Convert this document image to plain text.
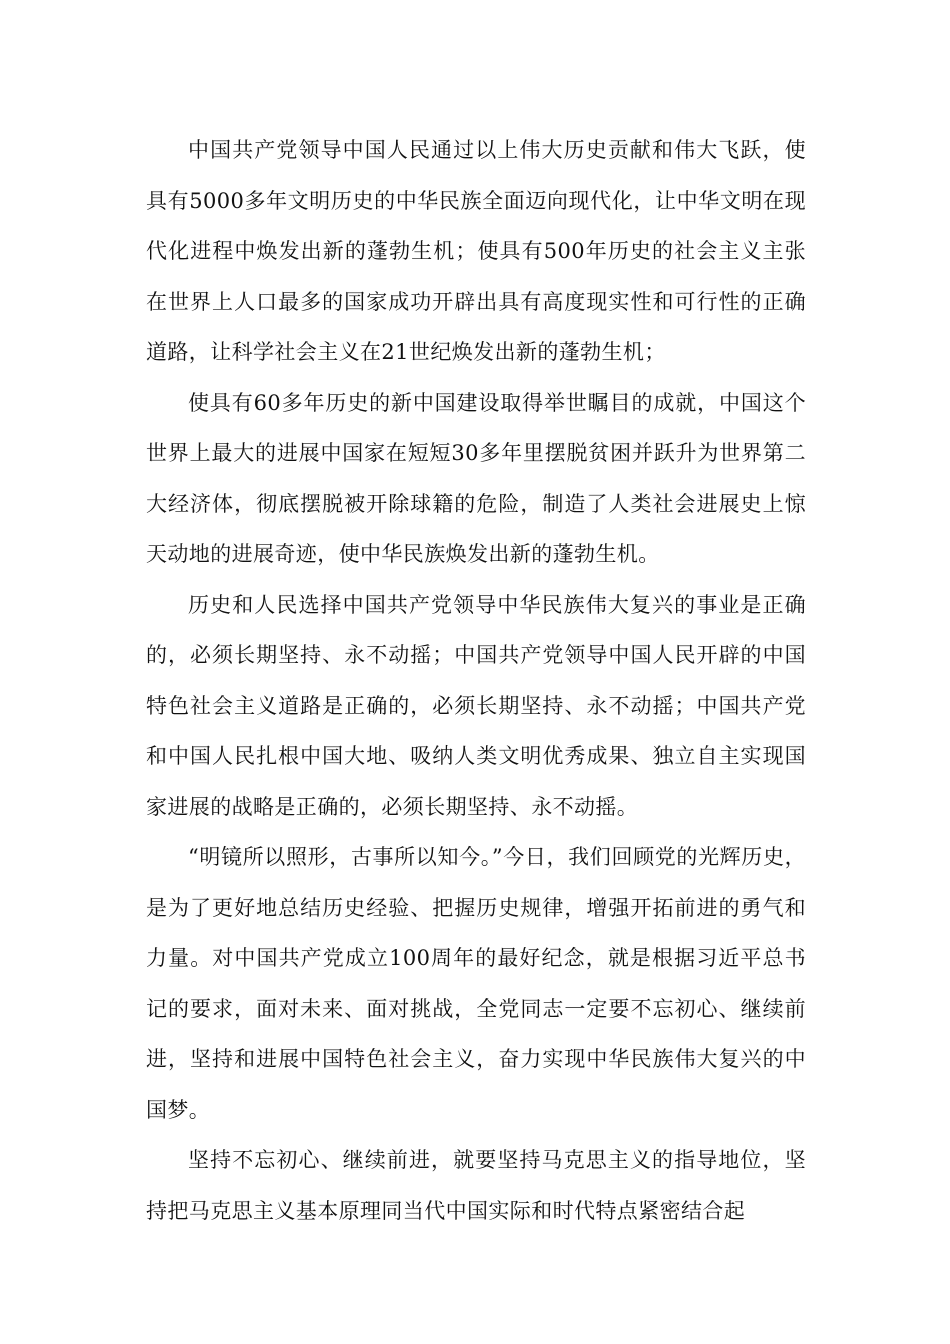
中国共产党领导中国人民通过以上伟大历史贡献和伟大飞跃，使具有5000多年文明历史的中华民族全面迈向现代化，让中华文明在现代化进程中焕发出新的蓬勃生机；使具有500年历史的社会主义主张在世界上人口最多的国家成功开辟出具有高度现实性和可行性的正确道路，让科学社会主义在21世纪焕发出新的蓬勃生机；

使具有60多年历史的新中国建设取得举世瞩目的成就，中国这个世界上最大的进展中国家在短短30多年里摆脱贫困并跃升为世界第二大经济体，彻底摆脱被开除球籍的危险，制造了人类社会进展史上惊天动地的进展奇迹，使中华民族焕发出新的蓬勃生机。

历史和人民选择中国共产党领导中华民族伟大复兴的事业是正确的，必须长期坚持、永不动摇；中国共产党领导中国人民开辟的中国特色社会主义道路是正确的，必须长期坚持、永不动摇；中国共产党和中国人民扎根中国大地、吸纳人类文明优秀成果、独立自主实现国家进展的战略是正确的，必须长期坚持、永不动摇。

“明镜所以照形，古事所以知今。”今日，我们回顾党的光辉历史，是为了更好地总结历史经验、把握历史规律，增强开拓前进的勇气和力量。对中国共产党成立100周年的最好纪念，就是根据习近平总书记的要求，面对未来、面对挑战，全党同志一定要不忘初心、继续前进，坚持和进展中国特色社会主义，奋力实现中华民族伟大复兴的中国梦。

坚持不忘初心、继续前进，就要坚持马克思主义的指导地位，坚持把马克思主义基本原理同当代中国实际和时代特点紧密结合起
